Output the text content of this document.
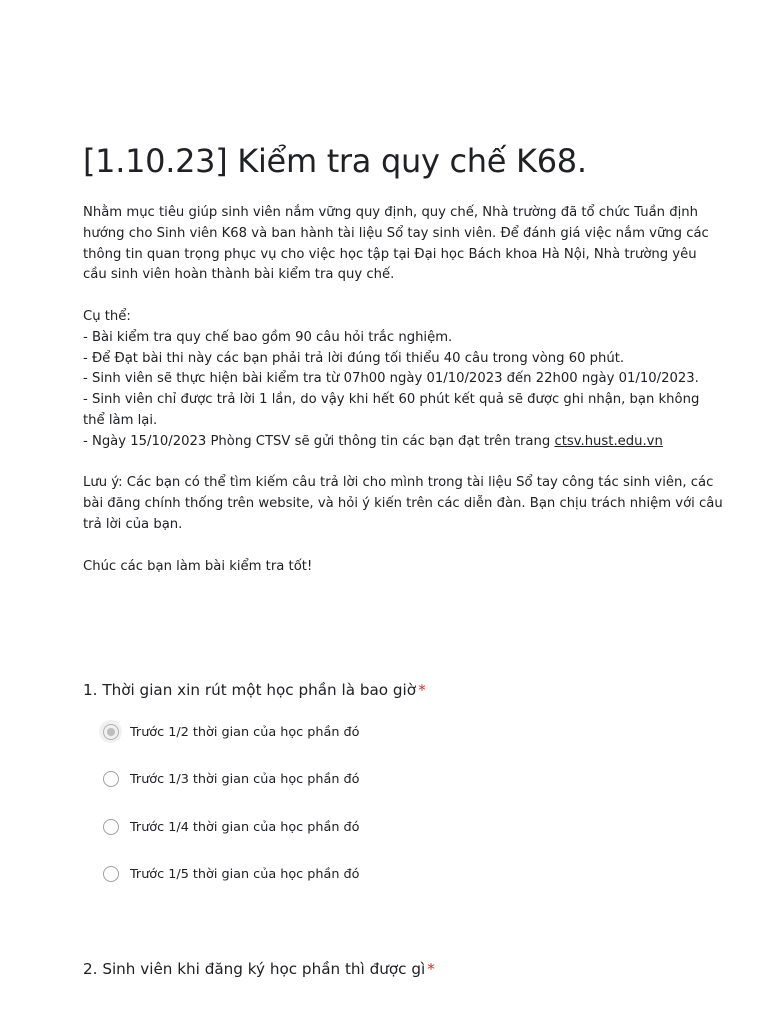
[1.10.23] Kiểm tra quy chế K68.

Nhằm mục tiêu giúp sinh viên nắm vững quy định, quy chế, Nhà trường đã tổ chức Tuần định hướng cho Sinh viên K68 và ban hành tài liệu Sổ tay sinh viên. Để đánh giá việc nắm vững các thông tin quan trọng phục vụ cho việc học tập tại Đại học Bách khoa Hà Nội, Nhà trường yêu cầu sinh viên hoàn thành bài kiểm tra quy chế.

Cụ thể:

- Bài kiểm tra quy chế bao gồm 90 câu hỏi trắc nghiệm.

- Để Đạt bài thi này các bạn phải trả lời đúng tối thiểu 40 câu trong vòng 60 phút.

- Sinh viên sẽ thực hiện bài kiểm tra từ 07h00 ngày 01/10/2023 đến 22h00 ngày 01/10/2023.

- Sinh viên chỉ được trả lời 1 lần, do vậy khi hết 60 phút kết quả sẽ được ghi nhận, bạn không thể làm lại.

- Ngày 15/10/2023 Phòng CTSV sẽ gửi thông tin các bạn đạt trên trang ctsv.hust.edu.vn

Lưu ý: Các bạn có thể tìm kiếm câu trả lời cho mình trong tài liệu Sổ tay công tác sinh viên, các bài đăng chính thống trên website, và hỏi ý kiến trên các diễn đàn. Bạn chịu trách nhiệm với câu trả lời của bạn.

Chúc các bạn làm bài kiểm tra tốt!

1. Thời gian xin rút một học phần là bao giờ *
Trước 1/2 thời gian của học phần đó
Trước 1/3 thời gian của học phần đó
Trước 1/4 thời gian của học phần đó
Trước 1/5 thời gian của học phần đó
2. Sinh viên khi đăng ký học phần thì được gì *
